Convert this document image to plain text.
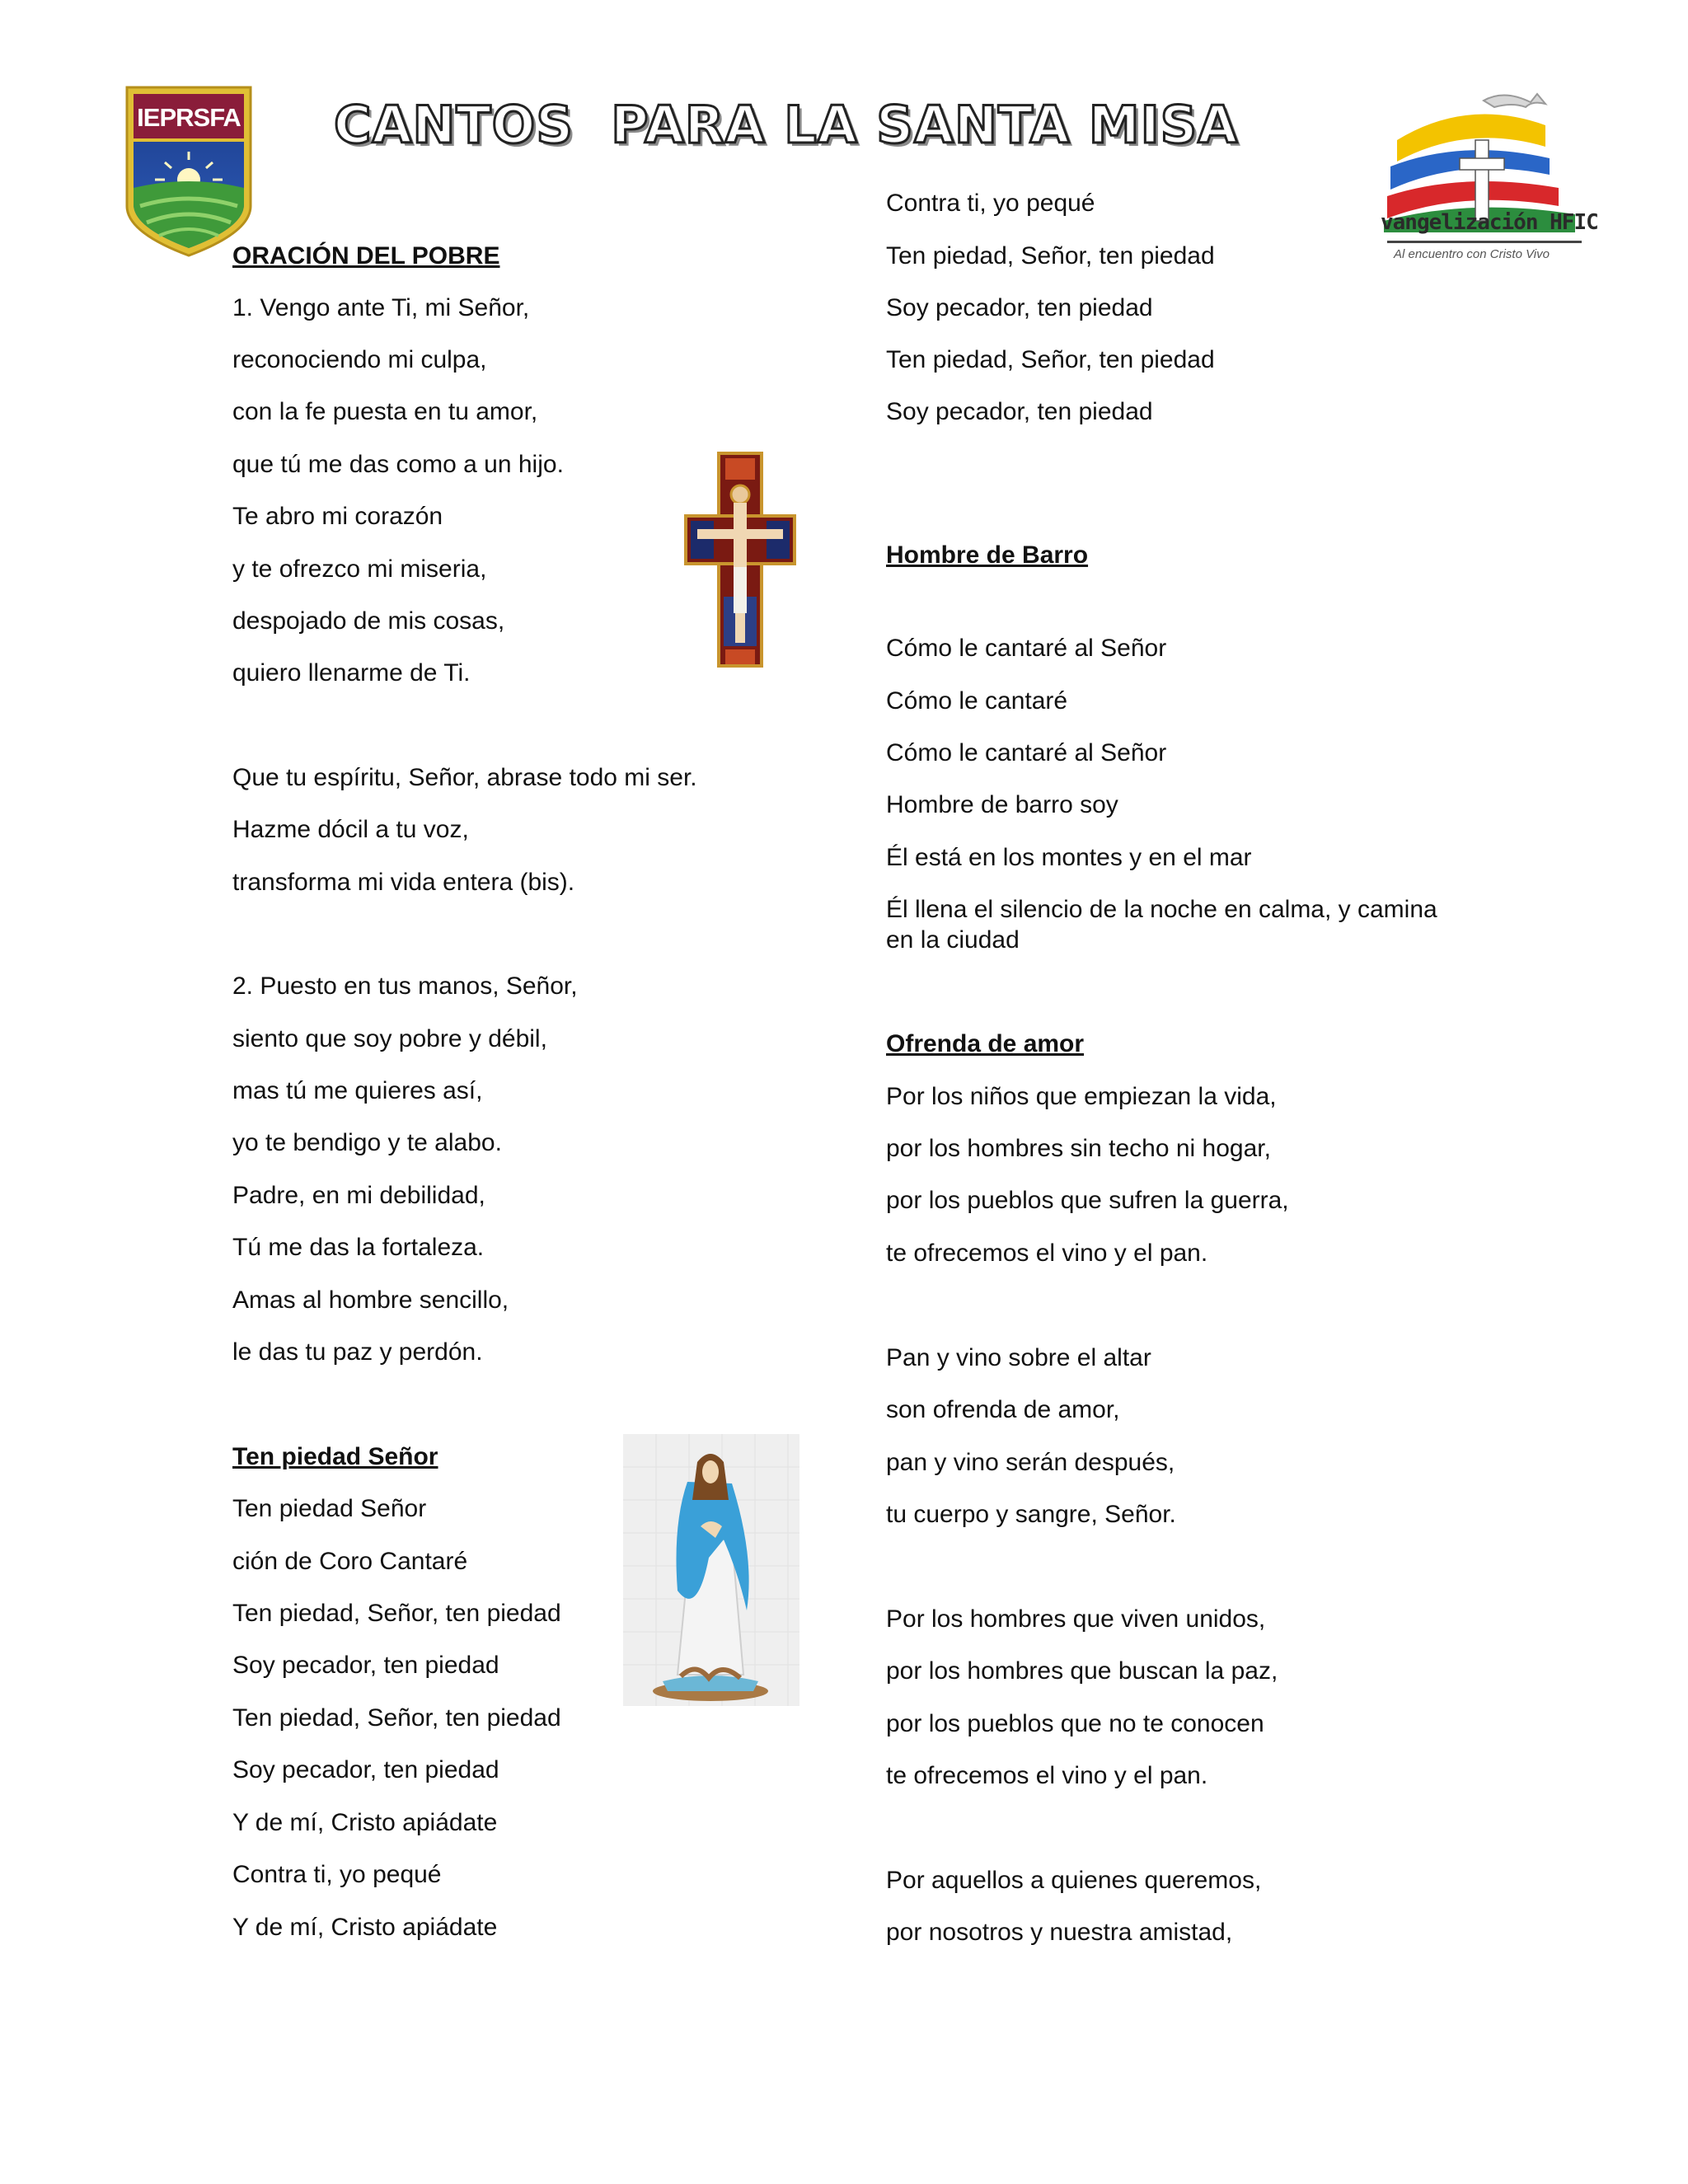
IEPRSFA CANTOS  PARA LA SANTA MISA
vangelización HFIC
Al encuentro con Cristo Vivo
ORACIÓN DEL POBRE

1. Vengo ante Ti, mi Señor,

reconociendo mi culpa,

con la fe puesta en tu amor,

que tú me das como a un hijo.

Te abro mi corazón

y te ofrezco mi miseria,

despojado de mis cosas,

quiero llenarme de Ti.

Que tu espíritu, Señor, abrase todo mi ser.

Hazme dócil a tu voz,

transforma mi vida entera (bis).

2. Puesto en tus manos, Señor,

siento que soy pobre y débil,

mas tú me quieres así,

yo te bendigo y te alabo.

Padre, en mi debilidad,

Tú me das la fortaleza.

Amas al hombre sencillo,

le das tu paz y perdón.

Ten piedad Señor

Ten piedad Señor

ción de Coro Cantaré

Ten piedad, Señor, ten piedad

Soy pecador, ten piedad

Ten piedad, Señor, ten piedad

Soy pecador, ten piedad

Y de mí, Cristo apiádate

Contra ti, yo pequé

Y de mí, Cristo apiádate

Contra ti, yo pequé

Ten piedad, Señor, ten piedad

Soy pecador, ten piedad

Ten piedad, Señor, ten piedad

Soy pecador, ten piedad

Hombre de Barro

Cómo le cantaré al Señor

Cómo le cantaré

Cómo le cantaré al Señor

Hombre de barro soy

Él está en los montes y en el mar

Él llena el silencio de la noche en calma, y camina en la ciudad

Ofrenda de amor

Por los niños que empiezan la vida,

por los hombres sin techo ni hogar,

por los pueblos que sufren la guerra,

te ofrecemos el vino y el pan.

Pan y vino sobre el altar

son ofrenda de amor,

pan y vino serán después,

tu cuerpo y sangre, Señor.

Por los hombres que viven unidos,

por los hombres que buscan la paz,

por los pueblos que no te conocen

te ofrecemos el vino y el pan.

Por aquellos a quienes queremos,

por nosotros y nuestra amistad,
